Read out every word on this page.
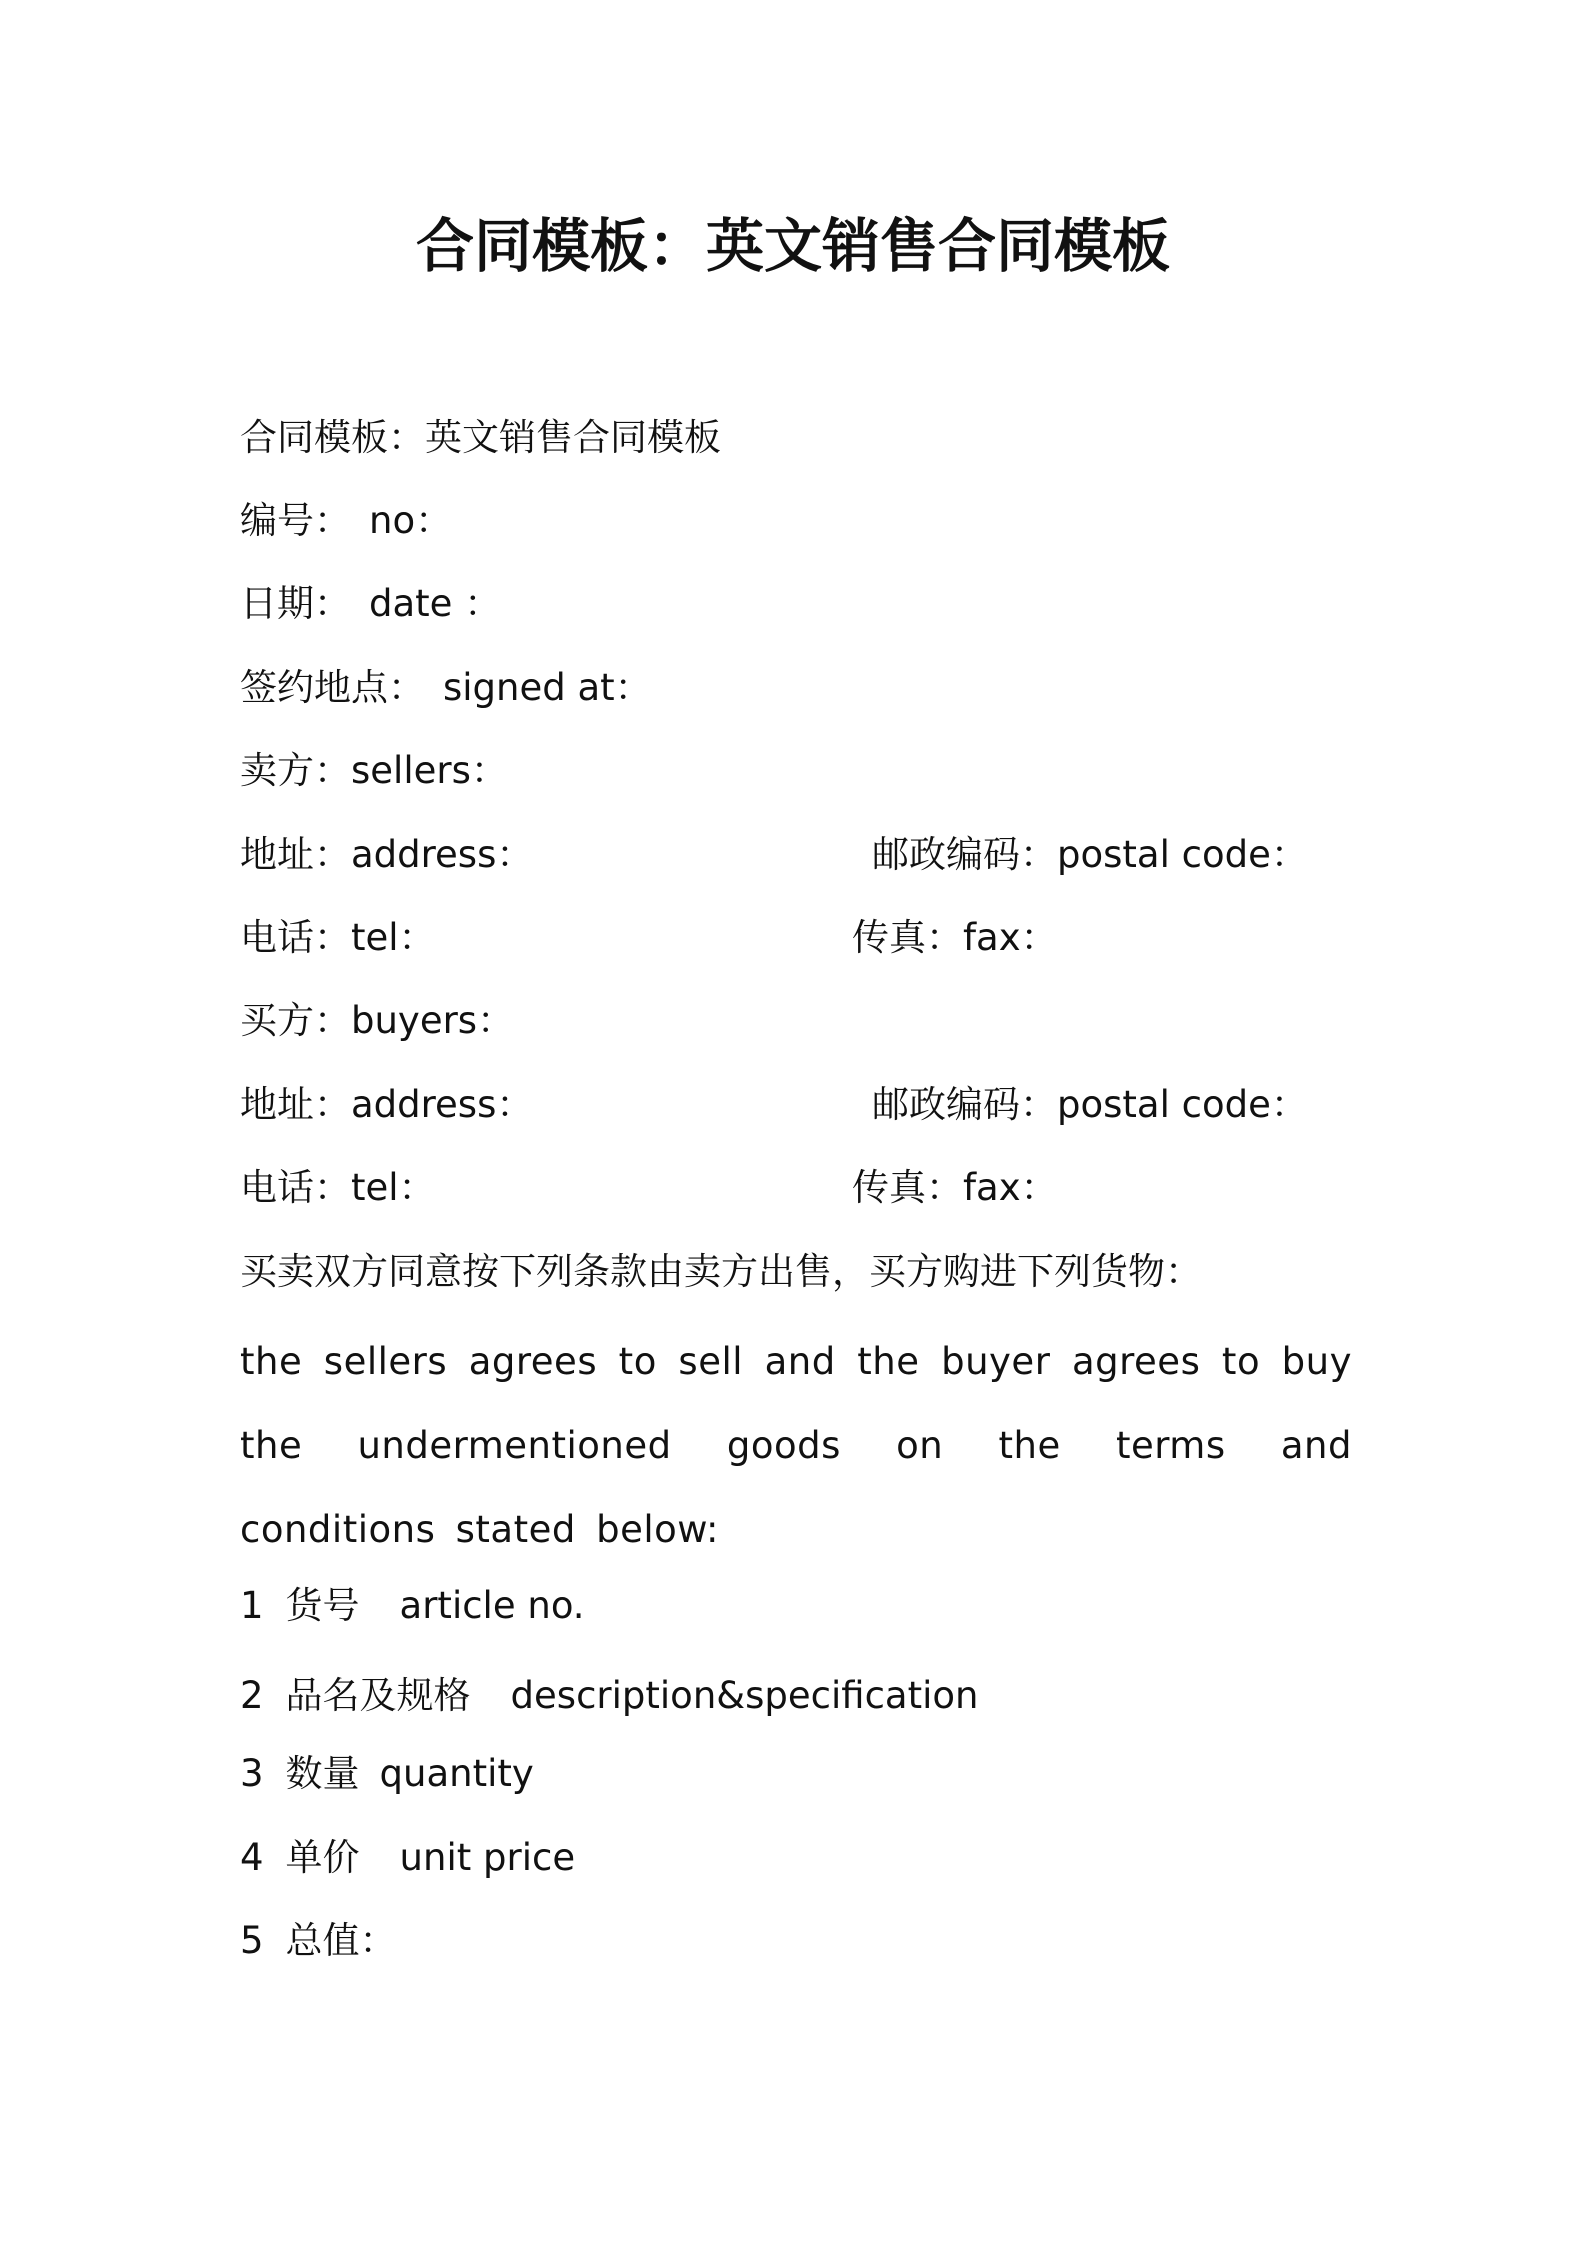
合同模板：英文销售合同模板
合同模板：英文销售合同模板
编号： no：
日期： date ：
签约地点： signed at：
卖方：sellers：
地址：address：	邮政编码：postal code：
电话：tel：	传真：fax：
买方：buyers：
地址：address：	邮政编码：postal code：
电话：tel：	传真：fax：
买卖双方同意按下列条款由卖方出售，买方购进下列货物：
the sellers agrees to sell and the buyer agrees to buy the undermentioned goods on the terms and conditions stated below:
1 货号 article no.
2 品名及规格 description&specification
3 数量 quantity
4 单价 unit price
5 总值：
